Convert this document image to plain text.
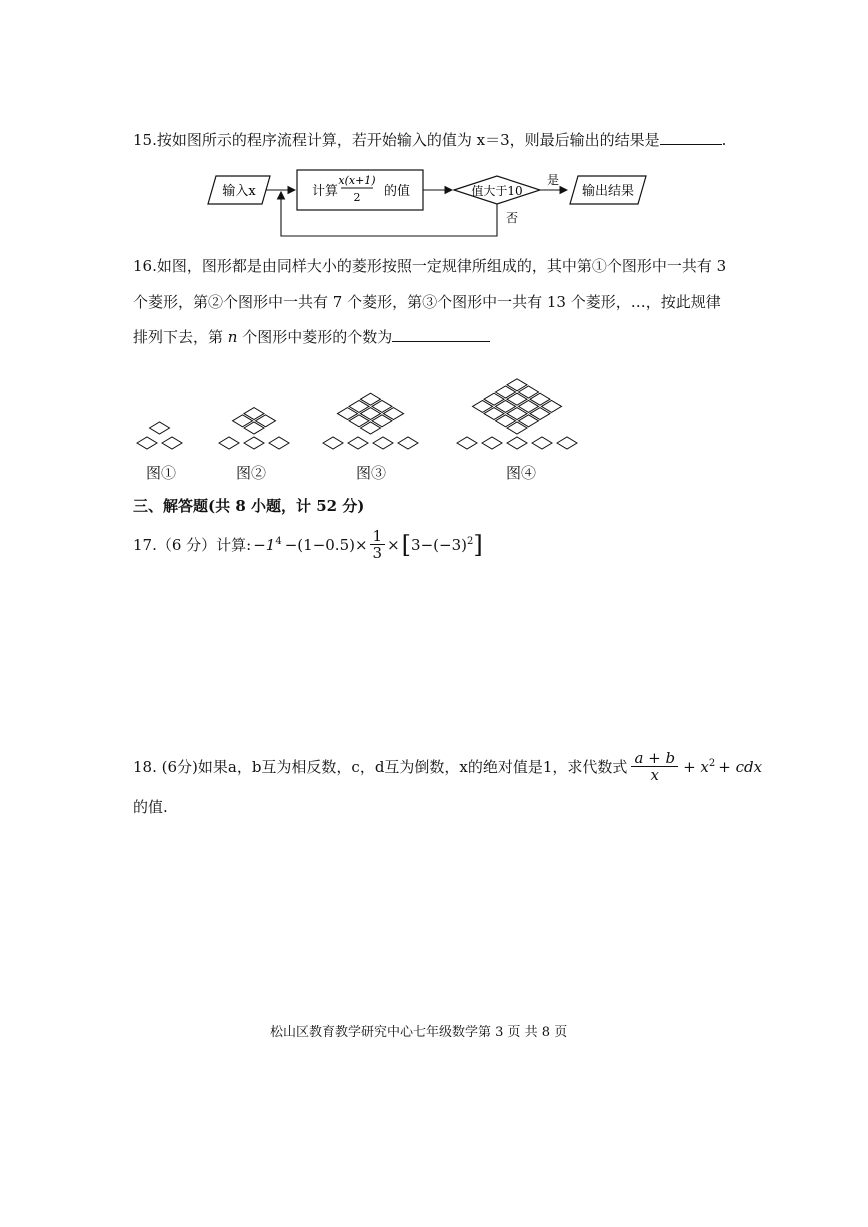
15.按如图所示的程序流程计算，若开始输入的值为 x＝3，则最后输出的结果是	.
输入x	计算
x(x+1)
2 的值	值大于10
是
输出结果
否
16.如图，图形都是由同样大小的菱形按照一定规律所组成的，其中第①个图形中一共有 3
个菱形，第②个图形中一共有 7 个菱形，第③个图形中一共有 13 个菱形，…，按此规律
排列下去，第 n 个图形中菱形的个数为
图①	图②	图③	图④
三、解答题(共 8 小题，计 52 分)
17.（6 分）计算: −1 $4 -(1-0.5)\times \frac{1}{3}$ × [ 3−(−3) 2 ]
18. (6分)如果a，b互为相反数，c，d互为倒数，x的绝对值是1，求代数式 $\frac{a + b}{x} + x$ 2 + cdx
的值.
松山区教育教学研究中心七年级数学第 3 页 共 8 页
